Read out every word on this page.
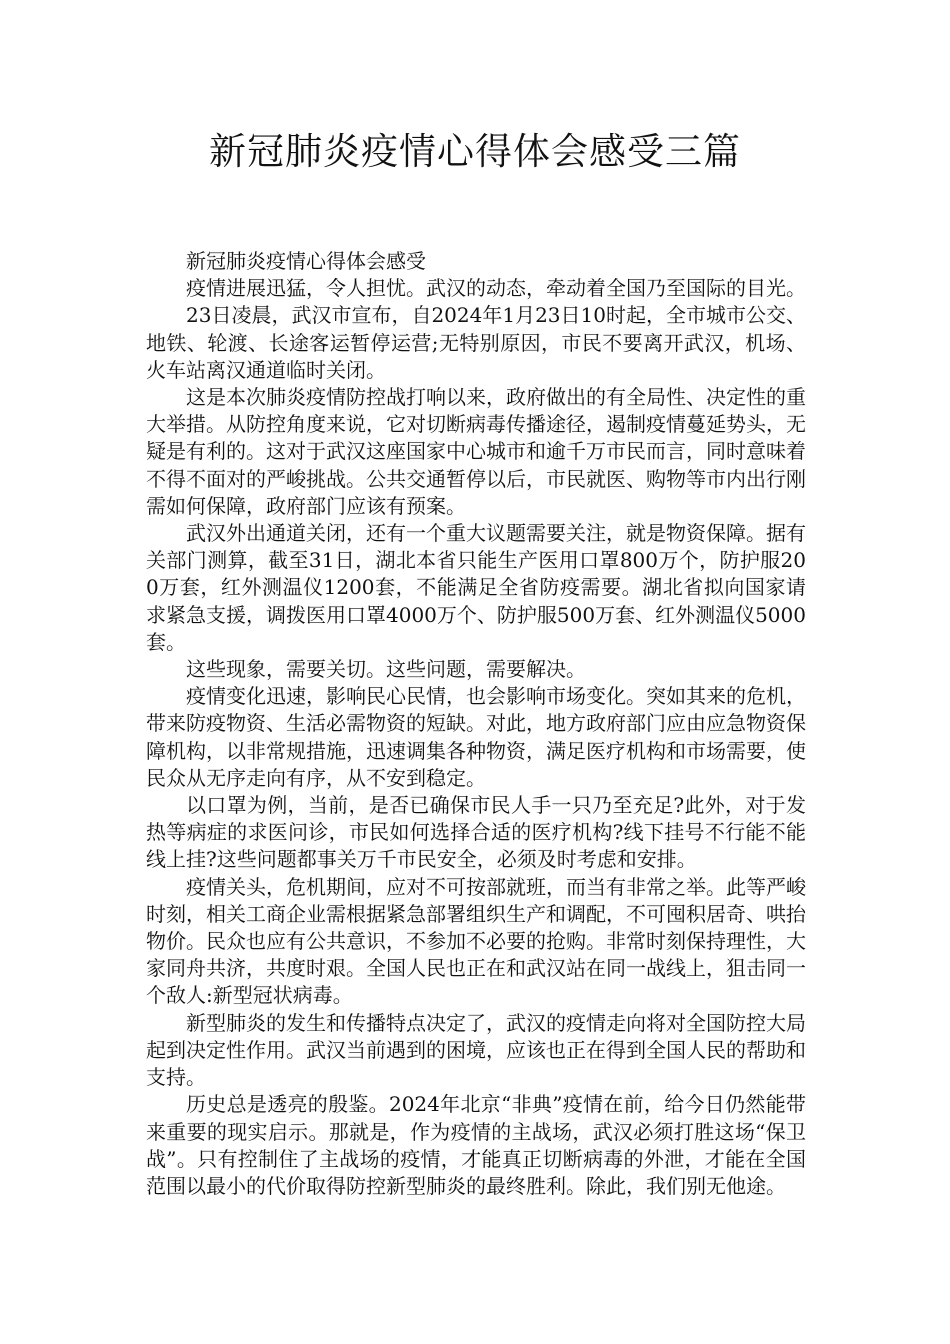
新冠肺炎疫情心得体会感受三篇

新冠肺炎疫情心得体会感受

疫情进展迅猛，令人担忧。武汉的动态，牵动着全国乃至国际的目光。

23日凌晨，武汉市宣布，自2024年1月23日10时起，全市城市公交、地铁、轮渡、长途客运暂停运营;无特别原因，市民不要离开武汉，机场、火车站离汉通道临时关闭。

这是本次肺炎疫情防控战打响以来，政府做出的有全局性、决定性的重大举措。从防控角度来说，它对切断病毒传播途径，遏制疫情蔓延势头，无疑是有利的。这对于武汉这座国家中心城市和逾千万市民而言，同时意味着不得不面对的严峻挑战。公共交通暂停以后，市民就医、购物等市内出行刚需如何保障，政府部门应该有预案。

武汉外出通道关闭，还有一个重大议题需要关注，就是物资保障。据有关部门测算，截至31日，湖北本省只能生产医用口罩800万个，防护服200万套，红外测温仪1200套，不能满足全省防疫需要。湖北省拟向国家请求紧急支援，调拨医用口罩4000万个、防护服500万套、红外测温仪5000套。

这些现象，需要关切。这些问题，需要解决。

疫情变化迅速，影响民心民情，也会影响市场变化。突如其来的危机，带来防疫物资、生活必需物资的短缺。对此，地方政府部门应由应急物资保障机构，以非常规措施，迅速调集各种物资，满足医疗机构和市场需要，使民众从无序走向有序，从不安到稳定。

以口罩为例，当前，是否已确保市民人手一只乃至充足?此外，对于发热等病症的求医问诊，市民如何选择合适的医疗机构?线下挂号不行能不能线上挂?这些问题都事关万千市民安全，必须及时考虑和安排。

疫情关头，危机期间，应对不可按部就班，而当有非常之举。此等严峻时刻，相关工商企业需根据紧急部署组织生产和调配，不可囤积居奇、哄抬物价。民众也应有公共意识，不参加不必要的抢购。非常时刻保持理性，大家同舟共济，共度时艰。全国人民也正在和武汉站在同一战线上，狙击同一个敌人:新型冠状病毒。

新型肺炎的发生和传播特点决定了，武汉的疫情走向将对全国防控大局起到决定性作用。武汉当前遇到的困境，应该也正在得到全国人民的帮助和支持。

历史总是透亮的殷鉴。2024年北京“非典”疫情在前，给今日仍然能带来重要的现实启示。那就是，作为疫情的主战场，武汉必须打胜这场“保卫战”。只有控制住了主战场的疫情，才能真正切断病毒的外泄，才能在全国范围以最小的代价取得防控新型肺炎的最终胜利。除此，我们别无他途。
